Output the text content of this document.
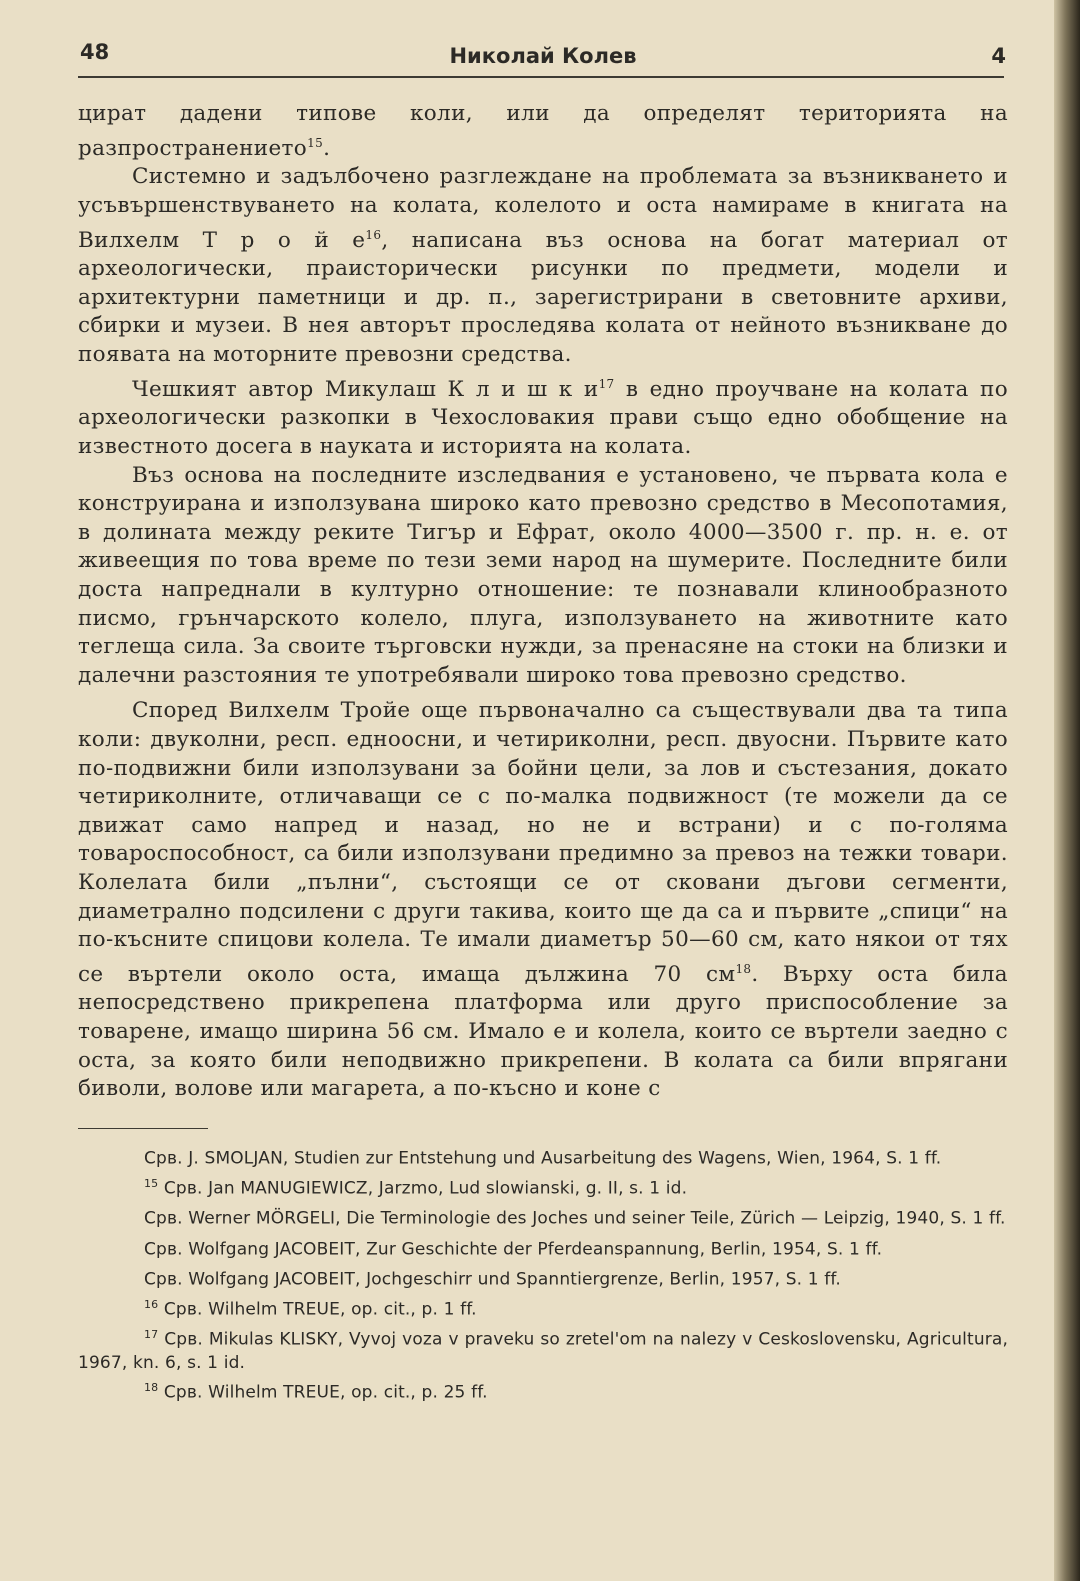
48	Николай Колев	4

цират дадени типове коли, или да определят територията на разпространението$^{15}$.

Системно и задълбочено разглеждане на проблемата за възникването и усъвършенствуването на колата, колелото и оста намираме в книгата на Вилхелм Т р о й $е^{16}$, написана въз основа на богат материал от археологически, праисторически рисунки по предмети, модели и архитектурни паметници и др. п., зарегистрирани в световните архиви, сбирки и музеи. В нея авторът проследява колата от нейното възникване до появата на моторните превозни средства.

Чешкият автор Микулаш К л и ш к $и^{17}$ в едно проучване на колата по археологически разкопки в Чехословакия прави също едно обобщение на известното досега в науката и историята на колата.

Въз основа на последните изследвания е установено, че първата кола е конструирана и използувана широко като превозно средство в Месопотамия, в долината между реките Тигър и Ефрат, около 4000—3500 г. пр. н. е. от живеещия по това време по тези земи народ на шумерите. Последните били доста напреднали в културно отношение: те познавали клинообразното писмо, грънчарското колело, плуга, използуването на животните като теглеща сила. За своите търговски нужди, за пренасяне на стоки на близки и далечни разстояния те употребявали широко това превозно средство.

Според Вилхелм Тройе още първоначално са съществували два та типа коли: двуколни, респ. едноосни, и четириколни, респ. двуосни. Първите като по-подвижни били използувани за бойни цели, за лов и състезания, докато четириколните, отличаващи се с по-малка подвижност (те можели да се движат само напред и назад, но не и встрани) и с по-голяма товароспособност, са били използувани предимно за превоз на тежки товари. Колелата били „пълни“, състоящи се от сковани дъгови сегменти, диаметрално подсилени с други такива, които ще да са и първите „спици“ на по-късните спицови колела. Те имали диаметър 50—60 см, като някои от тях се въртели около оста, имаща дължина 70 $см^{18}$. Върху оста била непосредствено прикрепена платформа или друго приспособление за товарене, имащо ширина 56 см. Имало е и колела, които се въртели заедно с оста, за която били неподвижно прикрепени. В колата са били впрягани биволи, волове или магарета, а по-късно и коне с

Срв. J. SMOLJAN, Studien zur Entstehung und Ausarbeitung des Wagens, Wien, 1964, S. 1 ff.

$^{15}$ Срв. Jan MANUGIEWICZ, Jarzmo, Lud slowianski, g. II, s. 1 id.

Срв. Werner MÖRGELI, Die Terminologie des Joches und seiner Teile, Zürich — Leipzig, 1940, S. 1 ff.

Срв. Wolfgang JACOBEIT, Zur Geschichte der Pferdeanspannung, Berlin, 1954, S. 1 ff.

Срв. Wolfgang JACOBEIT, Jochgeschirr und Spanntiergrenze, Berlin, 1957, S. 1 ff.

$^{16}$ Срв. Wilhelm TREUE, op. cit., p. 1 ff.

$^{17}$ Срв. Mikulas KLISKY, Vyvoj voza v praveku so zretel'om na nalezy v Ceskoslovensku, Agricultura, 1967, kn. 6, s. 1 id.

$^{18}$ Срв. Wilhelm TREUE, op. cit., p. 25 ff.
